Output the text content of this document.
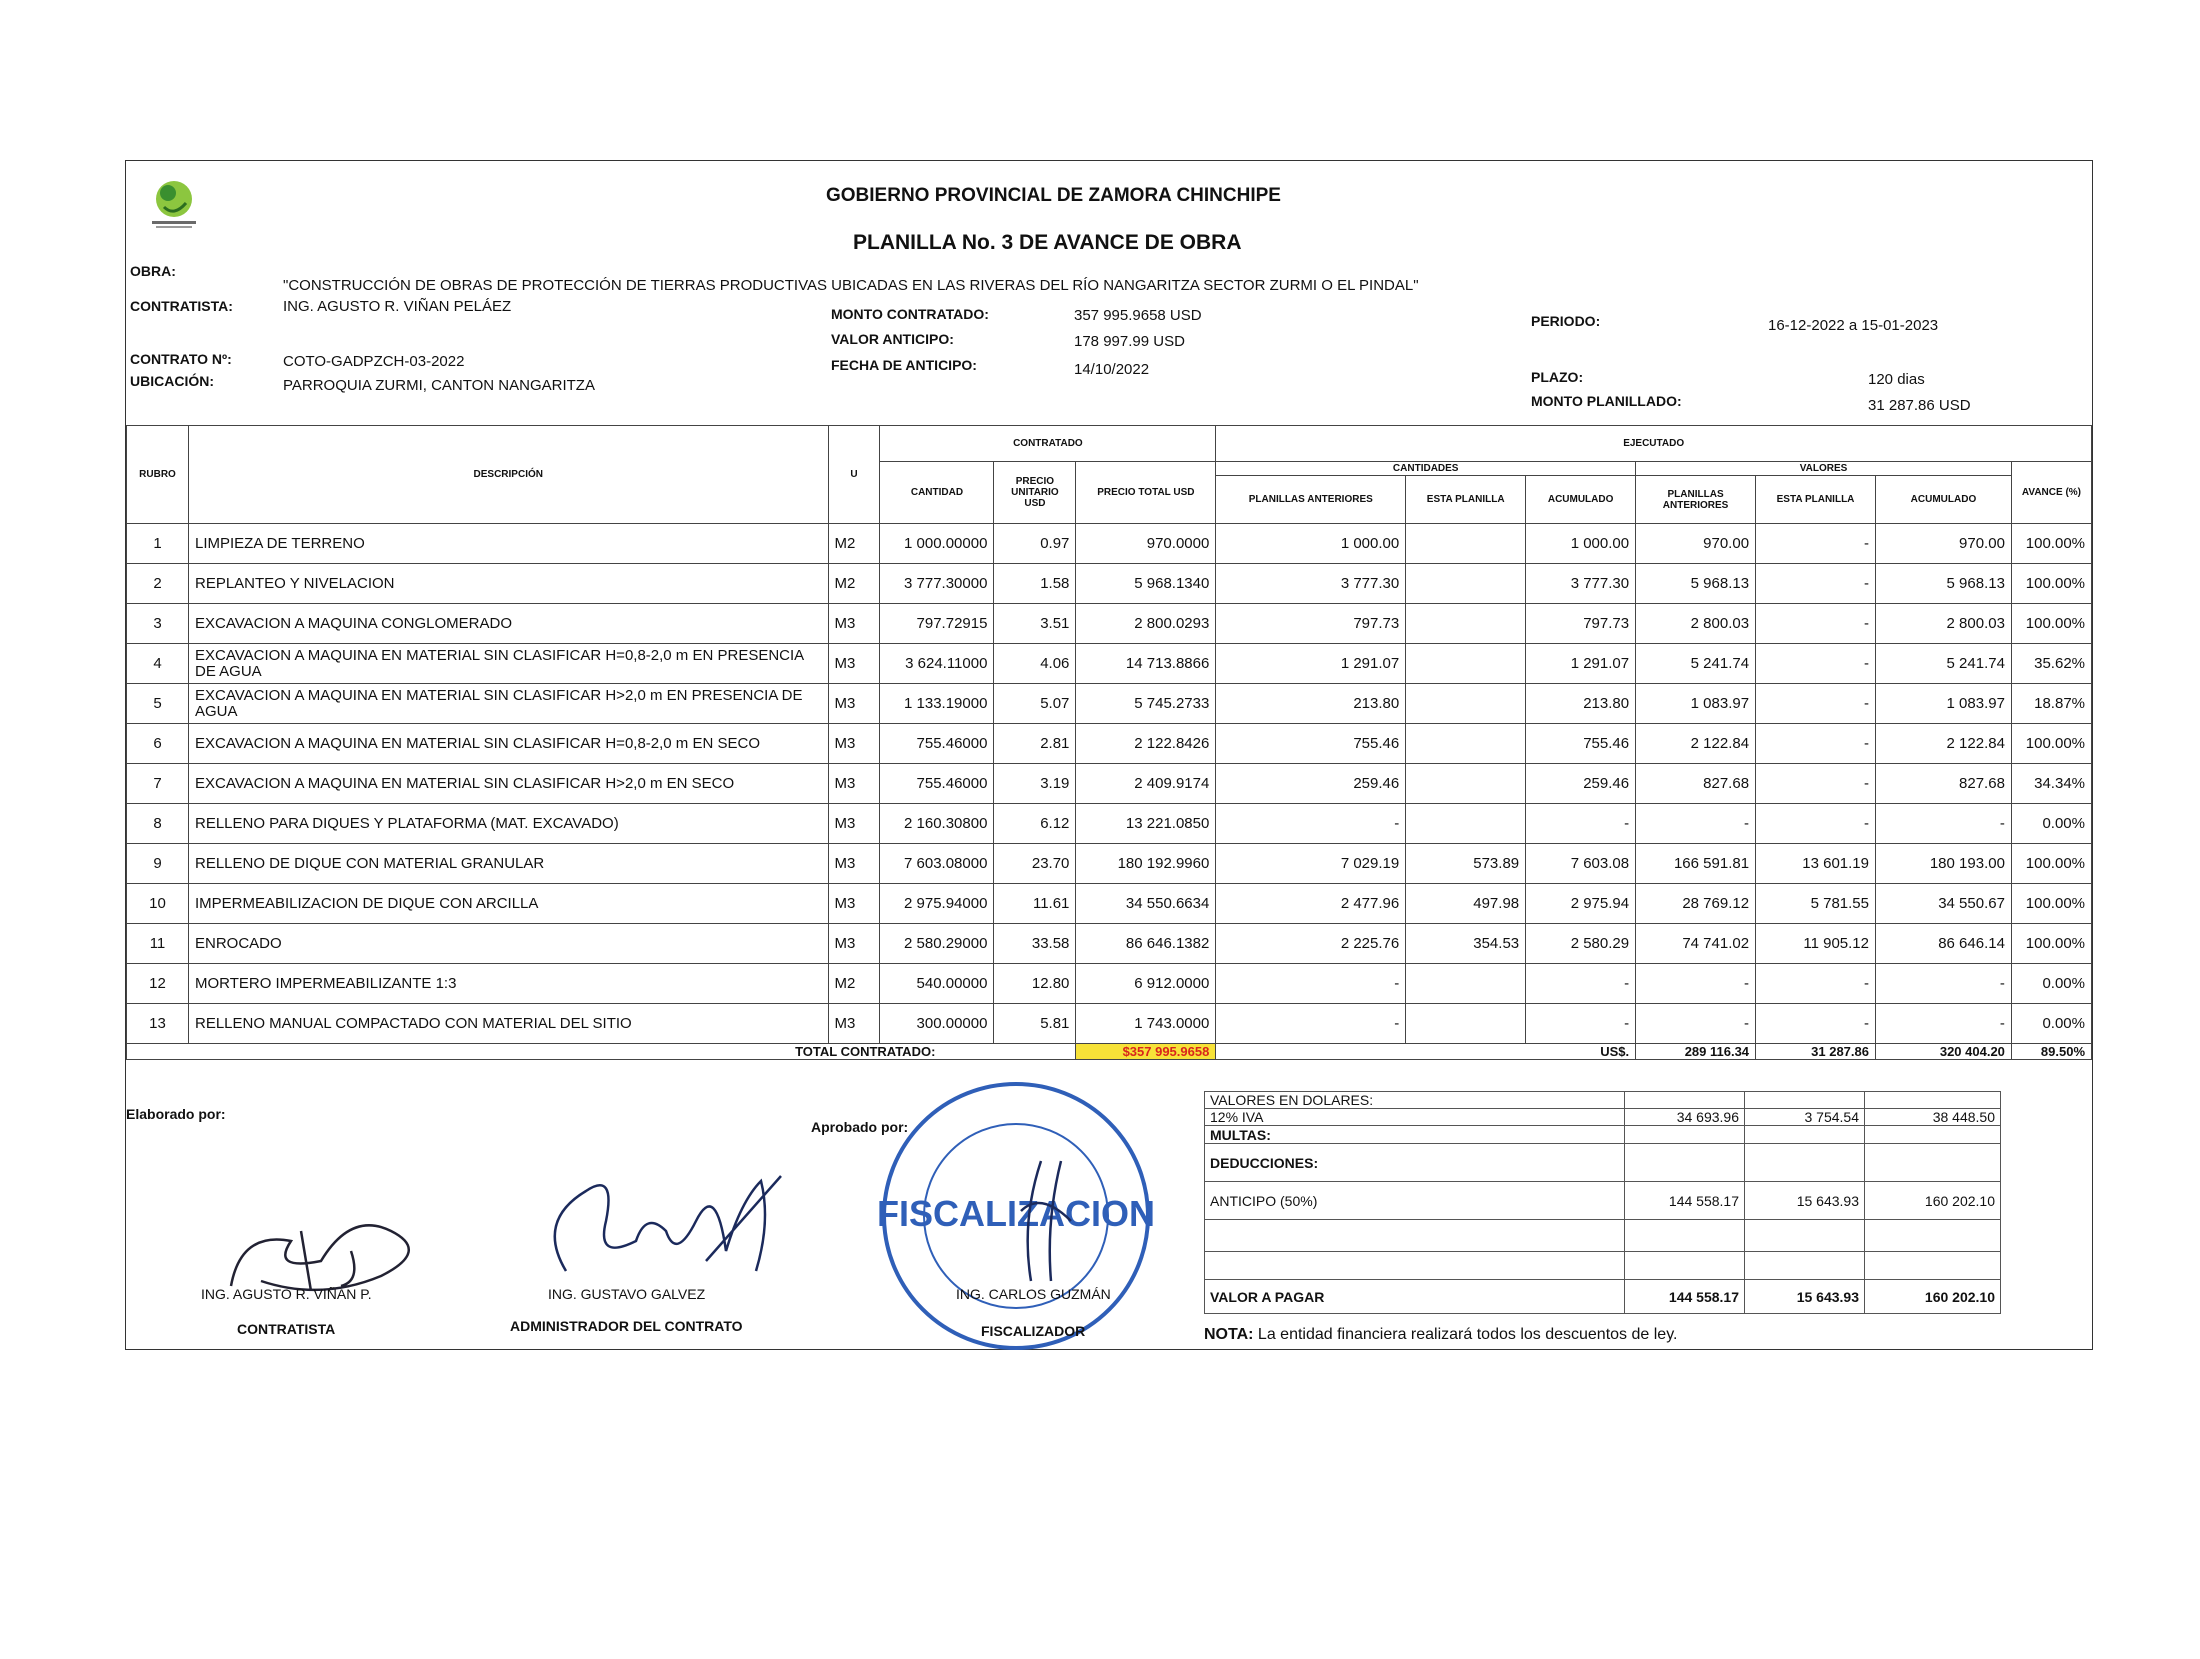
GOBIERNO PROVINCIAL DE ZAMORA CHINCHIPE
PLANILLA No. 3 DE AVANCE DE OBRA
OBRA:
"CONSTRUCCIÓN DE OBRAS DE PROTECCIÓN DE TIERRAS PRODUCTIVAS UBICADAS EN LAS RIVERAS DEL RÍO NANGARITZA SECTOR ZURMI O EL PINDAL"
CONTRATISTA:	ING. AGUSTO R. VIÑAN PELÁEZ
CONTRATO Nº:	COTO-GADPZCH-03-2022
UBICACIÓN:	PARROQUIA ZURMI, CANTON NANGARITZA
MONTO CONTRATADO:	357 995.9658 USD
VALOR ANTICIPO:	178 997.99 USD
FECHA DE ANTICIPO:	14/10/2022
PERIODO:	16-12-2022 a 15-01-2023
PLAZO:	120 dias
MONTO PLANILLADO:	31 287.86 USD
RUBRO	DESCRIPCIÓN	U	CONTRATADO			EJECUTADO						
			CANTIDAD	PRECIO UNITARIO USD	PRECIO TOTAL USD	CANTIDADES			VALORES			AVANCE (%)
						PLANILLAS ANTERIORES	ESTA PLANILLA	ACUMULADO	PLANILLAS ANTERIORES	ESTA PLANILLA	ACUMULADO	
1	LIMPIEZA DE TERRENO	M2	1 000.00000	0.97	970.0000	1 000.00		1 000.00	970.00	-	970.00	100.00%
2	REPLANTEO Y NIVELACION	M2	3 777.30000	1.58	5 968.1340	3 777.30		3 777.30	5 968.13	-	5 968.13	100.00%
3	EXCAVACION A MAQUINA CONGLOMERADO	M3	797.72915	3.51	2 800.0293	797.73		797.73	2 800.03	-	2 800.03	100.00%
4	EXCAVACION A MAQUINA EN MATERIAL SIN CLASIFICAR H=0,8-2,0 m EN PRESENCIA DE AGUA	M3	3 624.11000	4.06	14 713.8866	1 291.07		1 291.07	5 241.74	-	5 241.74	35.62%
5	EXCAVACION A MAQUINA EN MATERIAL SIN CLASIFICAR H>2,0 m EN PRESENCIA DE AGUA	M3	1 133.19000	5.07	5 745.2733	213.80		213.80	1 083.97	-	1 083.97	18.87%
6	EXCAVACION A MAQUINA EN MATERIAL SIN CLASIFICAR H=0,8-2,0 m EN SECO	M3	755.46000	2.81	2 122.8426	755.46		755.46	2 122.84	-	2 122.84	100.00%
7	EXCAVACION A MAQUINA EN MATERIAL SIN CLASIFICAR H>2,0 m EN SECO	M3	755.46000	3.19	2 409.9174	259.46		259.46	827.68	-	827.68	34.34%
8	RELLENO PARA DIQUES Y PLATAFORMA (MAT. EXCAVADO)	M3	2 160.30800	6.12	13 221.0850	-		-	-	-	-	0.00%
9	RELLENO DE DIQUE CON MATERIAL GRANULAR	M3	7 603.08000	23.70	180 192.9960	7 029.19	573.89	7 603.08	166 591.81	13 601.19	180 193.00	100.00%
10	IMPERMEABILIZACION DE DIQUE CON ARCILLA	M3	2 975.94000	11.61	34 550.6634	2 477.96	497.98	2 975.94	28 769.12	5 781.55	34 550.67	100.00%
11	ENROCADO	M3	2 580.29000	33.58	86 646.1382	2 225.76	354.53	2 580.29	74 741.02	11 905.12	86 646.14	100.00%
12	MORTERO IMPERMEABILIZANTE 1:3	M2	540.00000	12.80	6 912.0000	-		-	-	-	-	0.00%
13	RELLENO MANUAL COMPACTADO CON MATERIAL DEL SITIO	M3	300.00000	5.81	1 743.0000	-		-	-	-	-	0.00%
TOTAL CONTRATADO:					$357 995.9658	US$.			289 116.34	31 287.86	320 404.20	89.50%
VALORES EN DOLARES:			
12% IVA	34 693.96	3 754.54	38 448.50
MULTAS:			
DEDUCCIONES:			
ANTICIPO (50%)	144 558.17	15 643.93	160 202.10

VALOR A PAGAR	144 558.17	15 643.93	160 202.10
NOTA: La entidad financiera realizará todos los descuentos de ley.
Elaborado por:
Aprobado por:
ING. AGUSTO R. VIÑAN P.
CONTRATISTA
ING. GUSTAVO GALVEZ
ADMINISTRADOR DEL CONTRATO
FISCALIZACION
ING. CARLOS GUZMÁN
FISCALIZADOR
